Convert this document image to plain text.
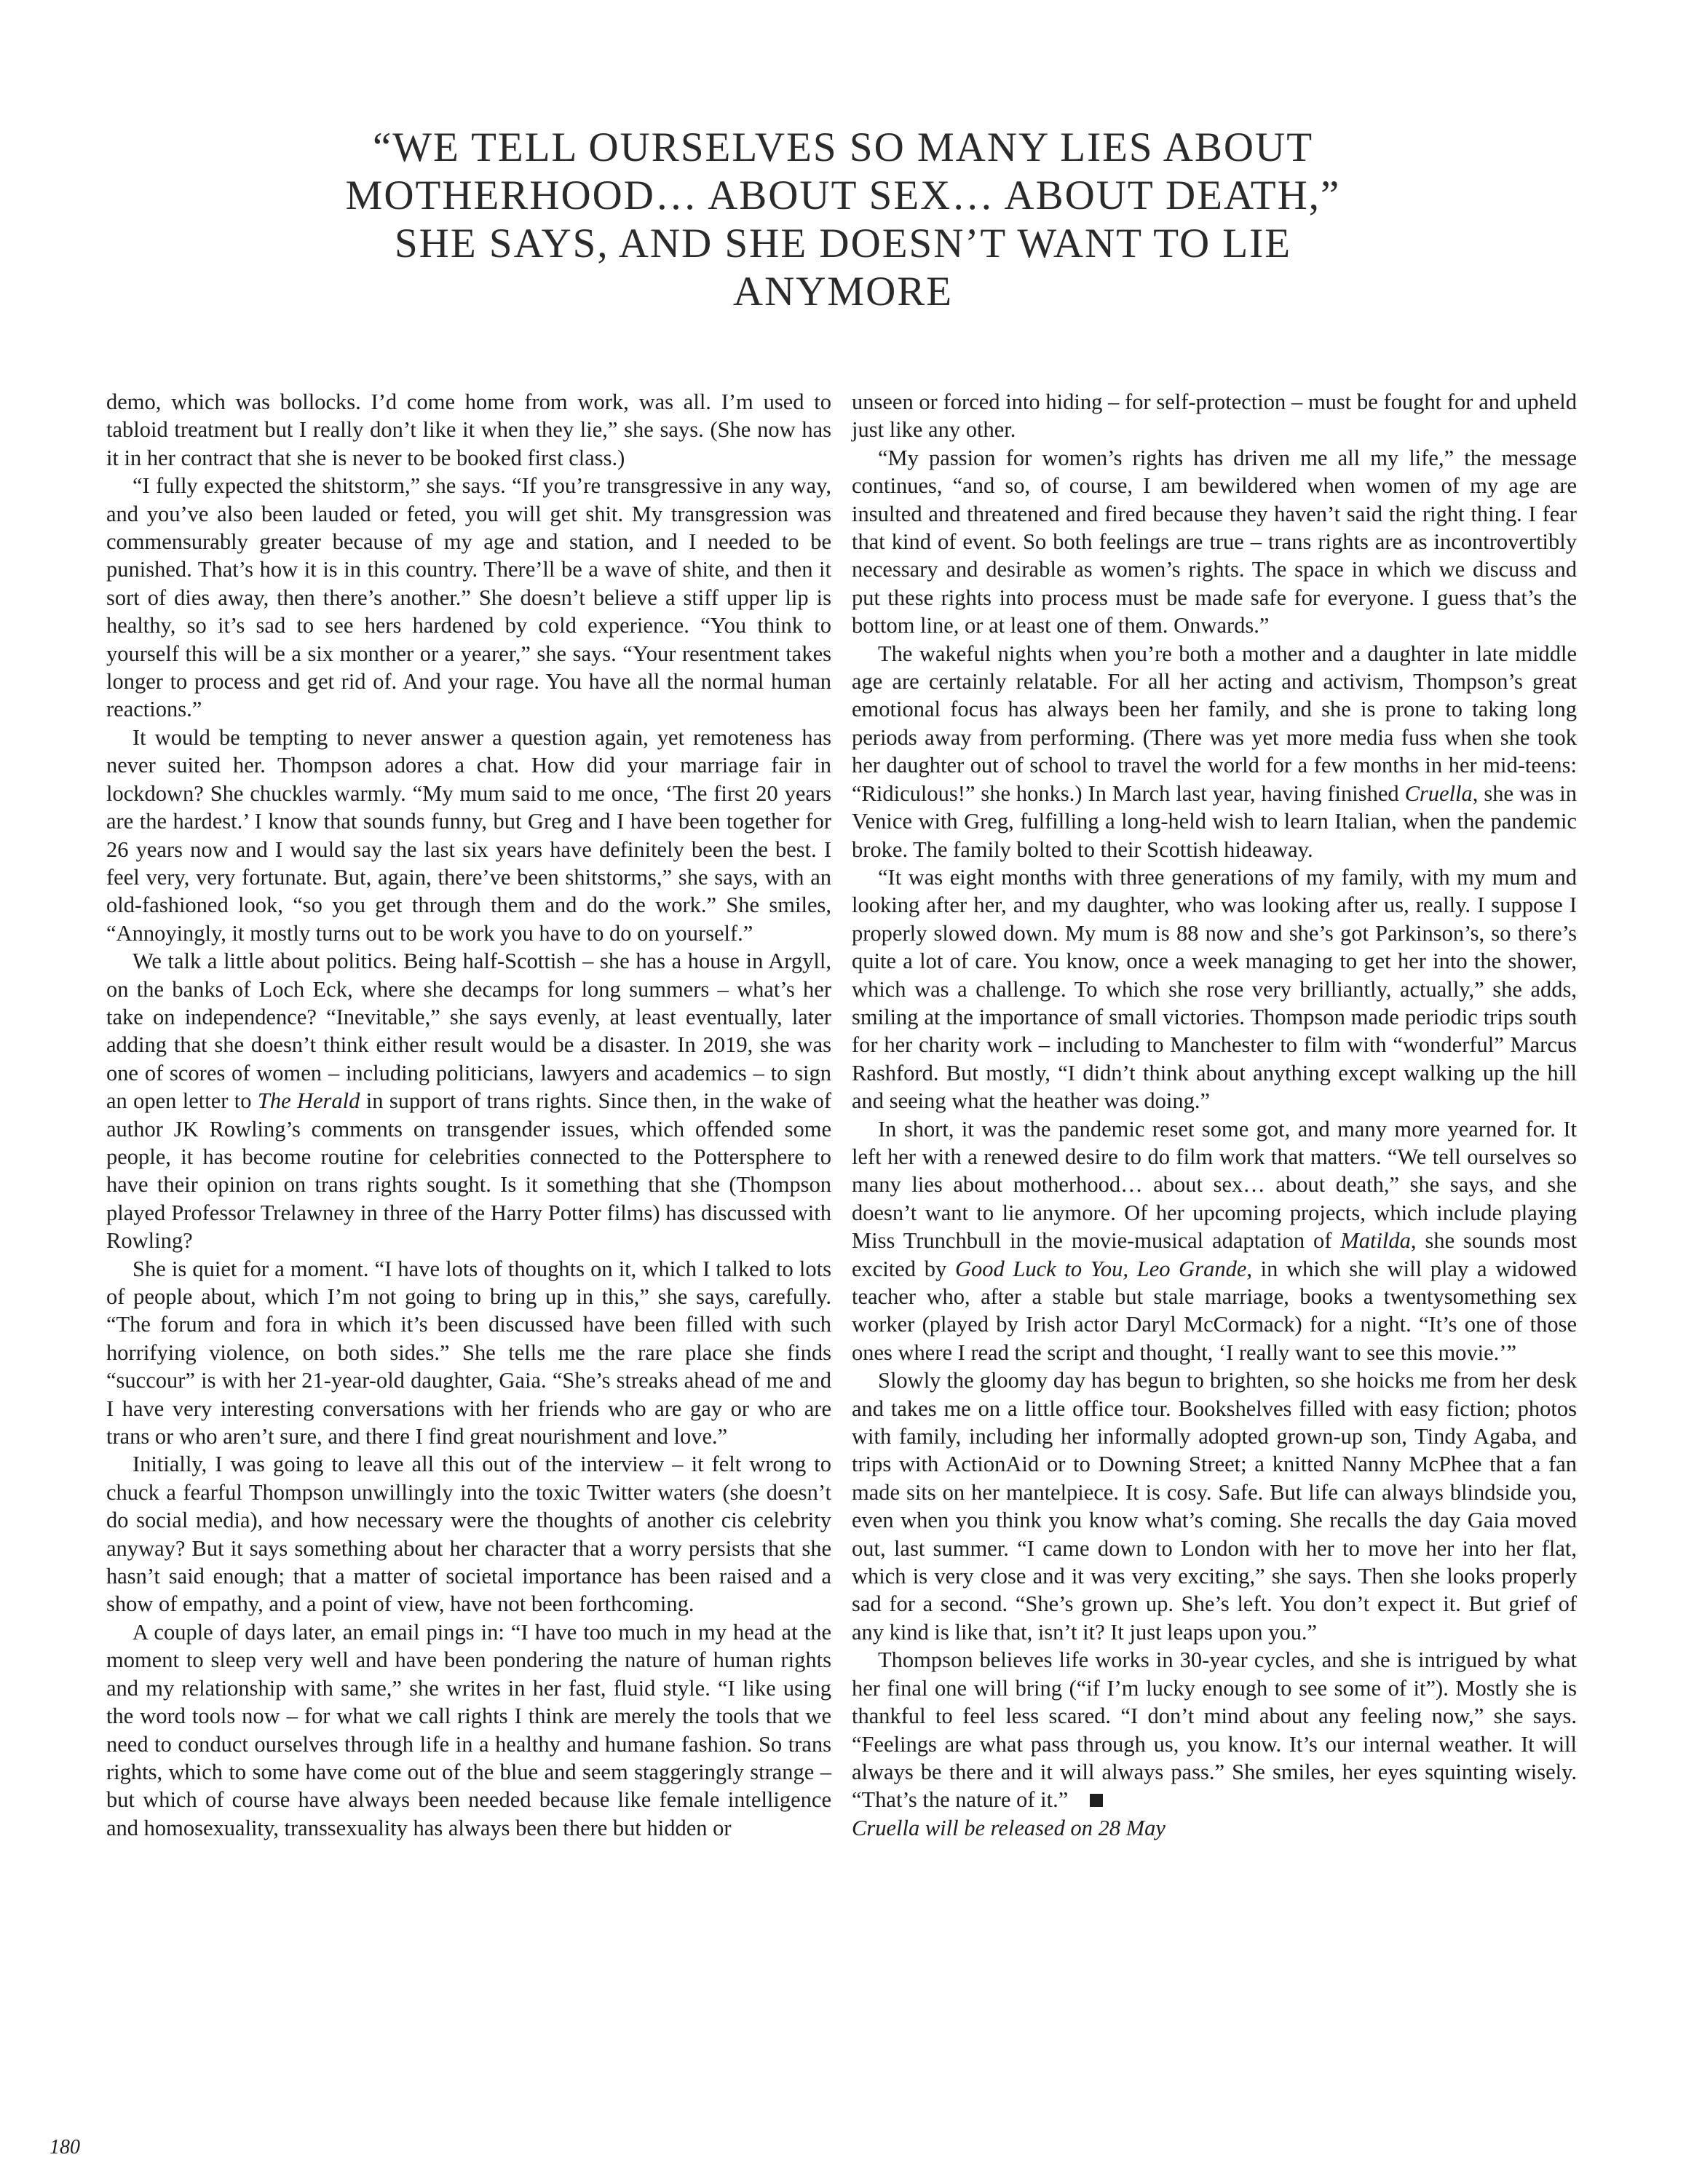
“WE TELL OURSELVES SO MANY LIES ABOUT MOTHERHOOD… ABOUT SEX… ABOUT DEATH,” SHE SAYS, AND SHE DOESN’T WANT TO LIE ANYMORE

demo, which was bollocks. I’d come home from work, was all. I’m used to tabloid treatment but I really don’t like it when they lie,” she says. (She now has it in her contract that she is never to be booked first class.)

“I fully expected the shitstorm,” she says. “If you’re transgressive in any way, and you’ve also been lauded or feted, you will get shit. My transgression was commensurably greater because of my age and station, and I needed to be punished. That’s how it is in this country. There’ll be a wave of shite, and then it sort of dies away, then there’s another.” She doesn’t believe a stiff upper lip is healthy, so it’s sad to see hers hardened by cold experience. “You think to yourself this will be a six monther or a yearer,” she says. “Your resentment takes longer to process and get rid of. And your rage. You have all the normal human reactions.”

It would be tempting to never answer a question again, yet remoteness has never suited her. Thompson adores a chat. How did your marriage fair in lockdown? She chuckles warmly. “My mum said to me once, ‘The first 20 years are the hardest.’ I know that sounds funny, but Greg and I have been together for 26 years now and I would say the last six years have definitely been the best. I feel very, very fortunate. But, again, there’ve been shitstorms,” she says, with an old-fashioned look, “so you get through them and do the work.” She smiles, “Annoyingly, it mostly turns out to be work you have to do on yourself.”

We talk a little about politics. Being half-Scottish – she has a house in Argyll, on the banks of Loch Eck, where she decamps for long summers – what’s her take on independence? “Inevitable,” she says evenly, at least eventually, later adding that she doesn’t think either result would be a disaster. In 2019, she was one of scores of women – including politicians, lawyers and academics – to sign an open letter to The Herald in support of trans rights. Since then, in the wake of author JK Rowling’s comments on transgender issues, which offended some people, it has become routine for celebrities connected to the Pottersphere to have their opinion on trans rights sought. Is it something that she (Thompson played Professor Trelawney in three of the Harry Potter films) has discussed with Rowling?

She is quiet for a moment. “I have lots of thoughts on it, which I talked to lots of people about, which I’m not going to bring up in this,” she says, carefully. “The forum and fora in which it’s been discussed have been filled with such horrifying violence, on both sides.” She tells me the rare place she finds “succour” is with her 21-year-old daughter, Gaia. “She’s streaks ahead of me and I have very interesting conversations with her friends who are gay or who are trans or who aren’t sure, and there I find great nourishment and love.”

Initially, I was going to leave all this out of the interview – it felt wrong to chuck a fearful Thompson unwillingly into the toxic Twitter waters (she doesn’t do social media), and how necessary were the thoughts of another cis celebrity anyway? But it says something about her character that a worry persists that she hasn’t said enough; that a matter of societal importance has been raised and a show of empathy, and a point of view, have not been forthcoming.

A couple of days later, an email pings in: “I have too much in my head at the moment to sleep very well and have been pondering the nature of human rights and my relationship with same,” she writes in her fast, fluid style. “I like using the word tools now – for what we call rights I think are merely the tools that we need to conduct ourselves through life in a healthy and humane fashion. So trans rights, which to some have come out of the blue and seem staggeringly strange – but which of course have always been needed because like female intelligence and homosexuality, transsexuality has always been there but hidden or

unseen or forced into hiding – for self-protection – must be fought for and upheld just like any other.

“My passion for women’s rights has driven me all my life,” the message continues, “and so, of course, I am bewildered when women of my age are insulted and threatened and fired because they haven’t said the right thing. I fear that kind of event. So both feelings are true – trans rights are as incontrovertibly necessary and desirable as women’s rights. The space in which we discuss and put these rights into process must be made safe for everyone. I guess that’s the bottom line, or at least one of them. Onwards.”

The wakeful nights when you’re both a mother and a daughter in late middle age are certainly relatable. For all her acting and activism, Thompson’s great emotional focus has always been her family, and she is prone to taking long periods away from performing. (There was yet more media fuss when she took her daughter out of school to travel the world for a few months in her mid-teens: “Ridiculous!” she honks.) In March last year, having finished Cruella, she was in Venice with Greg, fulfilling a long-held wish to learn Italian, when the pandemic broke. The family bolted to their Scottish hideaway.

“It was eight months with three generations of my family, with my mum and looking after her, and my daughter, who was looking after us, really. I suppose I properly slowed down. My mum is 88 now and she’s got Parkinson’s, so there’s quite a lot of care. You know, once a week managing to get her into the shower, which was a challenge. To which she rose very brilliantly, actually,” she adds, smiling at the importance of small victories. Thompson made periodic trips south for her charity work – including to Manchester to film with “wonderful” Marcus Rashford. But mostly, “I didn’t think about anything except walking up the hill and seeing what the heather was doing.”

In short, it was the pandemic reset some got, and many more yearned for. It left her with a renewed desire to do film work that matters. “We tell ourselves so many lies about motherhood… about sex… about death,” she says, and she doesn’t want to lie anymore. Of her upcoming projects, which include playing Miss Trunchbull in the movie-musical adaptation of Matilda, she sounds most excited by Good Luck to You, Leo Grande, in which she will play a widowed teacher who, after a stable but stale marriage, books a twentysomething sex worker (played by Irish actor Daryl McCormack) for a night. “It’s one of those ones where I read the script and thought, ‘I really want to see this movie.’”

Slowly the gloomy day has begun to brighten, so she hoicks me from her desk and takes me on a little office tour. Bookshelves filled with easy fiction; photos with family, including her informally adopted grown-up son, Tindy Agaba, and trips with ActionAid or to Downing Street; a knitted Nanny McPhee that a fan made sits on her mantelpiece. It is cosy. Safe. But life can always blindside you, even when you think you know what’s coming. She recalls the day Gaia moved out, last summer. “I came down to London with her to move her into her flat, which is very close and it was very exciting,” she says. Then she looks properly sad for a second. “She’s grown up. She’s left. You don’t expect it. But grief of any kind is like that, isn’t it? It just leaps upon you.”

Thompson believes life works in 30-year cycles, and she is intrigued by what her final one will bring (“if I’m lucky enough to see some of it”). Mostly she is thankful to feel less scared. “I don’t mind about any feeling now,” she says. “Feelings are what pass through us, you know. It’s our internal weather. It will always be there and it will always pass.” She smiles, her eyes squinting wisely. “That’s the nature of it.”

Cruella will be released on 28 May

180
